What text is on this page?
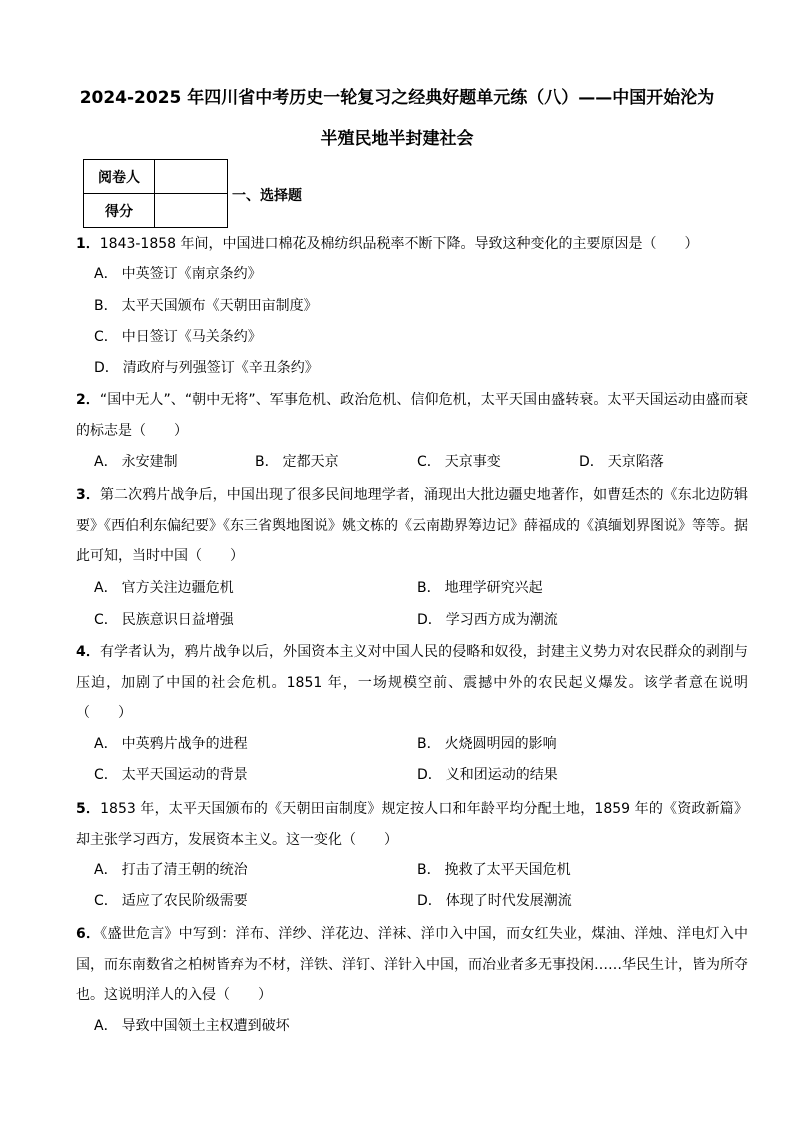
2024-2025 年四川省中考历史一轮复习之经典好题单元练（八）——中国开始沦为
半殖民地半封建社会
阅卷人	
得分	
一、选择题
1．1843-1858 年间，中国进口棉花及棉纺织品税率不断下降。导致这种变化的主要原因是（　　）
A． 中英签订《南京条约》
B． 太平天国颁布《天朝田亩制度》
C． 中日签订《马关条约》
D． 清政府与列强签订《辛丑条约》
2．“国中无人”、“朝中无将”、军事危机、政治危机、信仰危机，太平天国由盛转衰。太平天国运动由盛而衰的标志是（　　）
A． 永安建制	B． 定都天京	C． 天京事变	D． 天京陷落
3．第二次鸦片战争后，中国出现了很多民间地理学者，涌现出大批边疆史地著作，如曹廷杰的《东北边防辑要》《西伯利东偏纪要》《东三省舆地图说》姚文栋的《云南勘界筹边记》薛福成的《滇缅划界图说》等等。据此可知，当时中国（　　）
A． 官方关注边疆危机	B． 地理学研究兴起
C． 民族意识日益增强	D． 学习西方成为潮流
4．有学者认为，鸦片战争以后，外国资本主义对中国人民的侵略和奴役，封建主义势力对农民群众的剥削与压迫，加剧了中国的社会危机。1851 年，一场规模空前、震撼中外的农民起义爆发。该学者意在说明（　　）
A． 中英鸦片战争的进程	B． 火烧圆明园的影响
C． 太平天国运动的背景	D． 义和团运动的结果
5．1853 年，太平天国颁布的《天朝田亩制度》规定按人口和年龄平均分配土地，1859 年的《资政新篇》却主张学习西方，发展资本主义。这一变化（　　）
A． 打击了清王朝的统治	B． 挽救了太平天国危机
C． 适应了农民阶级需要	D． 体现了时代发展潮流
6．《盛世危言》中写到：洋布、洋纱、洋花边、洋袜、洋巾入中国，而女红失业，煤油、洋烛、洋电灯入中国，而东南数省之柏树皆弃为不材，洋铁、洋钉、洋针入中国，而冶业者多无事投闲……华民生计，皆为所夺也。这说明洋人的入侵（　　）
A． 导致中国领土主权遭到破坏
